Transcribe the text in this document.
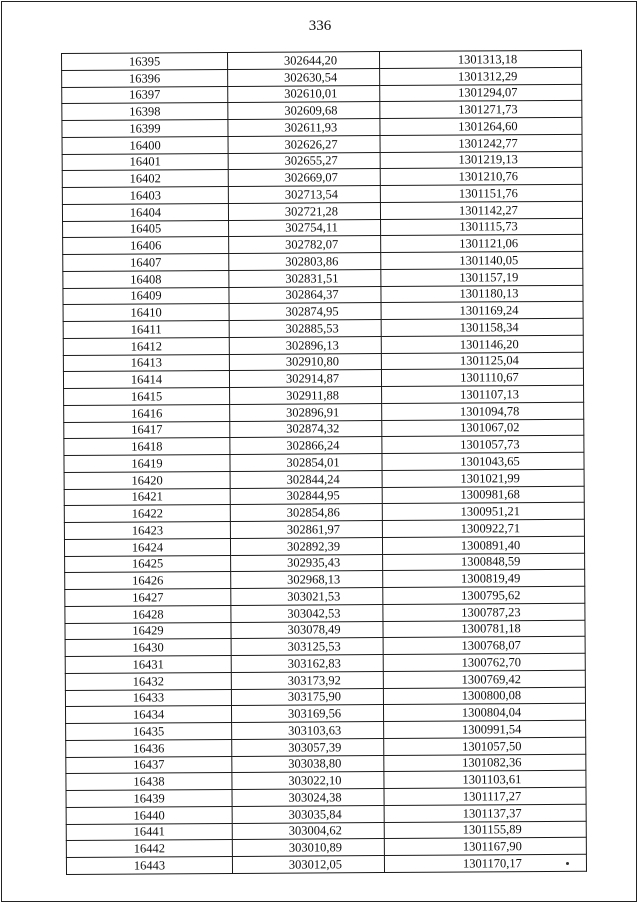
336
16395	302644,20	1301313,18
16396	302630,54	1301312,29
16397	302610,01	1301294,07
16398	302609,68	1301271,73
16399	302611,93	1301264,60
16400	302626,27	1301242,77
16401	302655,27	1301219,13
16402	302669,07	1301210,76
16403	302713,54	1301151,76
16404	302721,28	1301142,27
16405	302754,11	1301115,73
16406	302782,07	1301121,06
16407	302803,86	1301140,05
16408	302831,51	1301157,19
16409	302864,37	1301180,13
16410	302874,95	1301169,24
16411	302885,53	1301158,34
16412	302896,13	1301146,20
16413	302910,80	1301125,04
16414	302914,87	1301110,67
16415	302911,88	1301107,13
16416	302896,91	1301094,78
16417	302874,32	1301067,02
16418	302866,24	1301057,73
16419	302854,01	1301043,65
16420	302844,24	1301021,99
16421	302844,95	1300981,68
16422	302854,86	1300951,21
16423	302861,97	1300922,71
16424	302892,39	1300891,40
16425	302935,43	1300848,59
16426	302968,13	1300819,49
16427	303021,53	1300795,62
16428	303042,53	1300787,23
16429	303078,49	1300781,18
16430	303125,53	1300768,07
16431	303162,83	1300762,70
16432	303173,92	1300769,42
16433	303175,90	1300800,08
16434	303169,56	1300804,04
16435	303103,63	1300991,54
16436	303057,39	1301057,50
16437	303038,80	1301082,36
16438	303022,10	1301103,61
16439	303024,38	1301117,27
16440	303035,84	1301137,37
16441	303004,62	1301155,89
16442	303010,89	1301167,90
16443	303012,05	1301170,17
